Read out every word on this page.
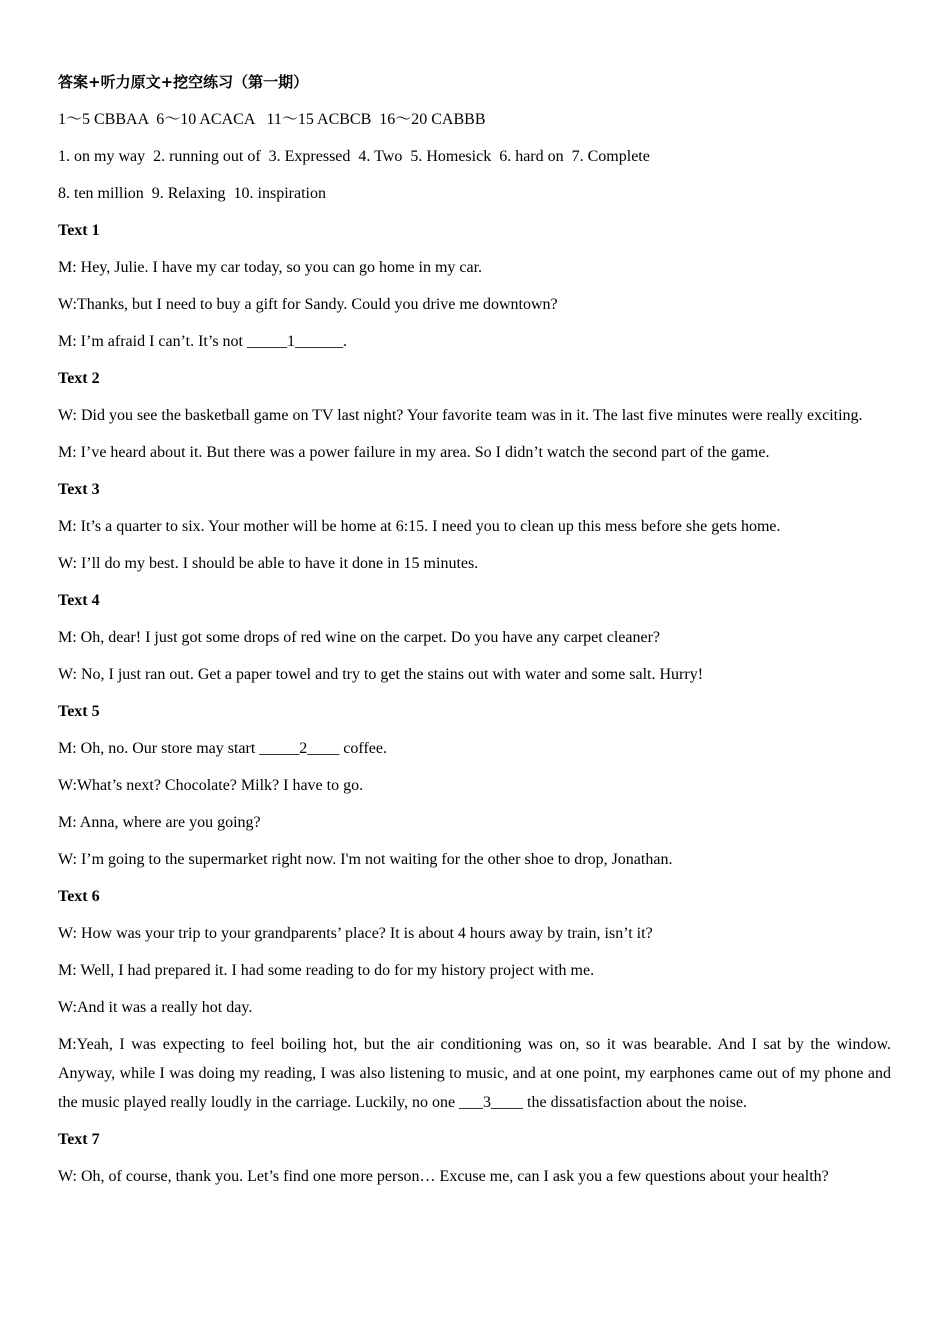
答案+听力原文+挖空练习（第一期）
1～5 CBBAA  6～10 ACACA   11～15 ACBCB  16～20 CABBB
1. on my way  2. running out of  3. Expressed  4. Two  5. Homesick  6. hard on  7. Complete
8. ten million  9. Relaxing  10. inspiration
Text 1
M: Hey, Julie. I have my car today, so you can go home in my car.
W:Thanks, but I need to buy a gift for Sandy. Could you drive me downtown?
M: I’m afraid I can’t. It’s not _____1______.
Text 2
W: Did you see the basketball game on TV last night? Your favorite team was in it. The last five minutes were really exciting.
M: I’ve heard about it. But there was a power failure in my area. So I didn’t watch the second part of the game.
Text 3
M: It’s a quarter to six. Your mother will be home at 6:15. I need you to clean up this mess before she gets home.
W: I’ll do my best. I should be able to have it done in 15 minutes.
Text 4
M: Oh, dear! I just got some drops of red wine on the carpet. Do you have any carpet cleaner?
W: No, I just ran out. Get a paper towel and try to get the stains out with water and some salt. Hurry!
Text 5
M: Oh, no. Our store may start _____2____ coffee.
W:What’s next? Chocolate? Milk? I have to go.
M: Anna, where are you going?
W: I’m going to the supermarket right now. I'm not waiting for the other shoe to drop, Jonathan.
Text 6
W: How was your trip to your grandparents’ place? It is about 4 hours away by train, isn’t it?
M: Well, I had prepared it. I had some reading to do for my history project with me.
W:And it was a really hot day.
M:Yeah, I was expecting to feel boiling hot, but the air conditioning was on, so it was bearable. And I sat by the window. Anyway, while I was doing my reading, I was also listening to music, and at one point, my earphones came out of my phone and the music played really loudly in the carriage. Luckily, no one ___3____ the dissatisfaction about the noise.
Text 7
W: Oh, of course, thank you. Let’s find one more person… Excuse me, can I ask you a few questions about your health?
